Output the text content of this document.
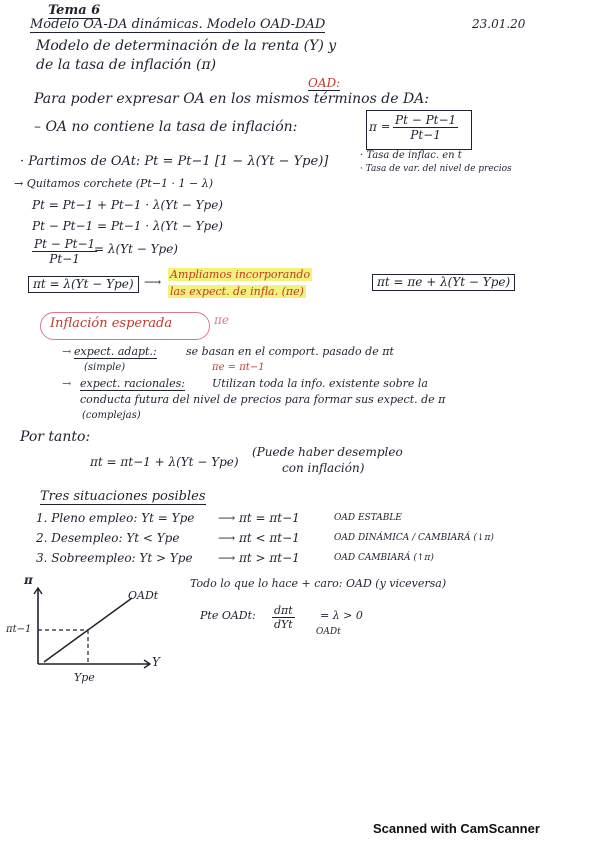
Tema 6
23.01.20
Modelo OA-DA dinámicas. Modelo OAD-DAD
Modelo de determinación de la renta (Y) y
de la tasa de inflación (π)
OAD:
Para poder expresar OA en los mismos términos de DA:
– OA no contiene la tasa de inflación:	$\pi = \frac{Pt - Pt-1}{Pt-1}$
· Partimos de OAt: Pt = Pt−1 [1 − λ(Yt − Ype)]	· Tasa de inflac. en t
· Tasa de var. del nivel de precios
→ Quitamos corchete (Pt−1 · 1 − λ)
Pt = Pt−1 + Pt−1 · λ(Yt − Ype)
Pt − Pt−1 = Pt−1 · λ(Yt − Ype)
$\frac{Pt - Pt-1}{Pt-1}$
= λ(Yt − Ype)
πt = λ(Yt − Ype) ⟶
Ampliamos incorporando
las expect. de infla. (πe)
πt = πe + λ(Yt − Ype)
Inflación esperada	πe
→ expect. adapt.:	se basan en el comport. pasado de πt
(simple)	πe = πt−1
→ expect. racionales: Utilizan toda la info. existente sobre la
conducta futura del nivel de precios para formar sus expect. de π
(complejas)
Por tanto:
πt = πt−1 + λ(Yt − Ype)
(Puede haber desempleo
con inflación)
Tres situaciones posibles
1. Pleno empleo: Yt = Ype ⟶ πt = πt−1	OAD ESTABLE
2. Desempleo: Yt < Ype	⟶ πt < πt−1	OAD DINÁMICA / CAMBIARÁ (↓π)
3. Sobreempleo: Yt > Ype ⟶ πt > πt−1	OAD CAMBIARÁ (↑π)
π
Y
OADt
πt−1
Ype
Todo lo que lo hace + caro: OAD (y viceversa)
Pte OADt: dπt
dYt
= λ > 0
OADt
Scanned with CamScanner
